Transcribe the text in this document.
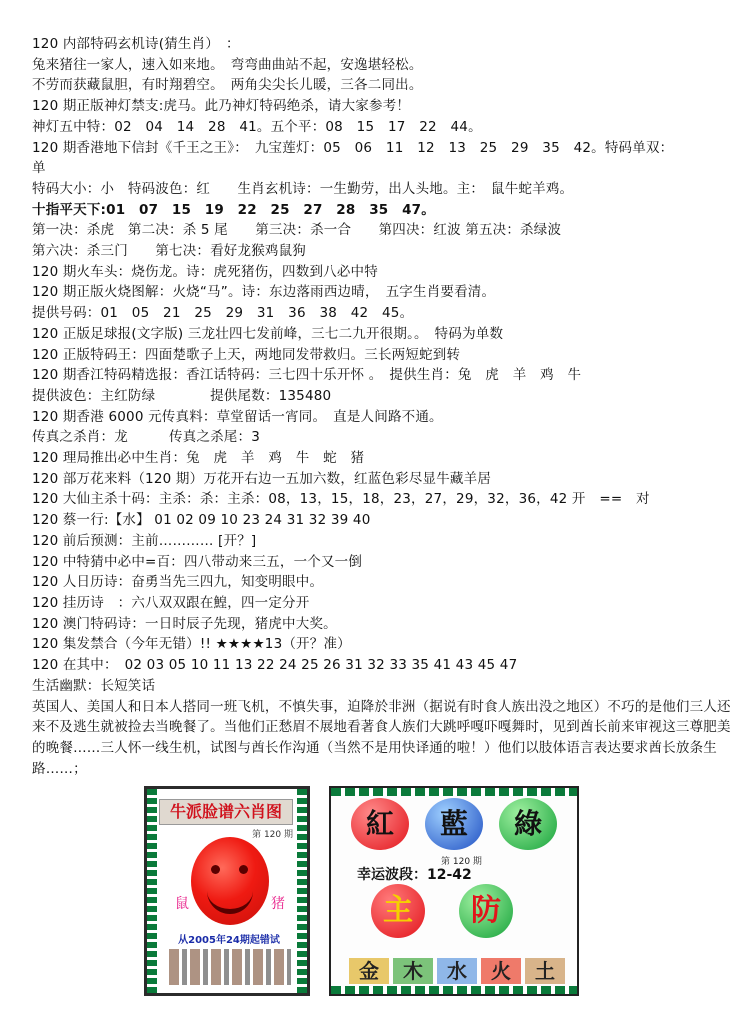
120 内部特码玄机诗(猜生肖）　：
兔来猪往一家人，速入如来地。　弯弯曲曲站不起，安逸堪轻松。
不劳而获藏鼠胆，有时翔碧空。　两角尖尖长儿暖，三各二同出。
120 期正版神灯禁支:虎马。此乃神灯特码绝杀，请大家参考！
神灯五中特：02　04　14　28　41。五个平：08　15　17　22　44。
120 期香港地下信封《千王之王》：　九宝莲灯：05　06　11　12　13　25　29　35　42。特码单双：
单
特码大小：小　特码波色：红　　生肖玄机诗：一生勤劳，出人头地。主：　鼠牛蛇羊鸡。
十指平天下:01　07　15　19　22　25　27　28　35　47。
第一决：杀虎　第二决：杀 5 尾　　第三决：杀一合　　第四决：红波 第五决：杀绿波
第六决：杀三门　　第七决：看好龙猴鸡鼠狗
120 期火车头：烧伤龙。诗：虎死猪伤，四数到八必中特
120 期正版火烧图解：火烧“马”。诗：东边落雨西边晴，　五字生肖要看清。
提供号码：01　05　21　25　29　31　36　38　42　45。
120 正版足球报(文字版) 三龙壮四七发前峰，三七二九开很期。。　特码为单数
120 正版特码王：四面楚歌子上天，两地同发带救归。三长两短蛇到转
120 期香江特码精选报：香江话特码：三七四十乐开怀 。　提供生肖：兔　虎　羊　鸡　牛
提供波色：主红防绿　　　　提供尾数：135480
120 期香港 6000 元传真料：草堂留话一宵同。　直是人间路不通。
传真之杀肖：龙　　　传真之杀尾：3
120 理局推出必中生肖：兔　虎　羊　鸡　牛　蛇　猪
120 部万花来料（120 期）万花开右边一五加六数，红蓝色彩尽显牛藏羊居
120 大仙主杀十码：主杀：杀：主杀：08，13，15，18，23，27，29，32，36，42 开　==　对
120 蔡一行:【水】 01 02 09 10 23 24 31 32 39 40
120 前后预测：主前………… [开？]
120 中特猜中必中=百：四八带动来三五，一个又一倒
120 人日历诗：奋勇当先三四九，知变明眼中。
120 挂历诗　：六八双双跟在鰉，四一定分开
120 澳门特码诗：一日时辰子先现，猪虎中大奖。
120 集发禁合（今年无错）!! ★★★★13（开？准）
120 在其中：　02 03 05 10 11 13 22 24 25 26 31 32 33 35 41 43 45 47
生活幽默：长短笑话
英国人、美国人和日本人搭同一班飞机，不慎失事，迫降於非洲（据说有时食人族出没之地区）不巧的是他们三人还来不及逃生就被捡去当晚餐了。当他们正愁眉不展地看著食人族们大跳呼嘎吓嘎舞时，见到酋长前来审视这三尊肥美的晚餐……三人怀一线生机，试图与酋长作沟通（当然不是用快译通的啦！）他们以肢体语言表达要求酋长放条生路……；
牛派脸谱六肖图
第 120 期
鼠	猪
从2005年24期起错试
紅	藍	綠
第 120 期
幸运波段：12-42
主	防
金	木	水	火	土
